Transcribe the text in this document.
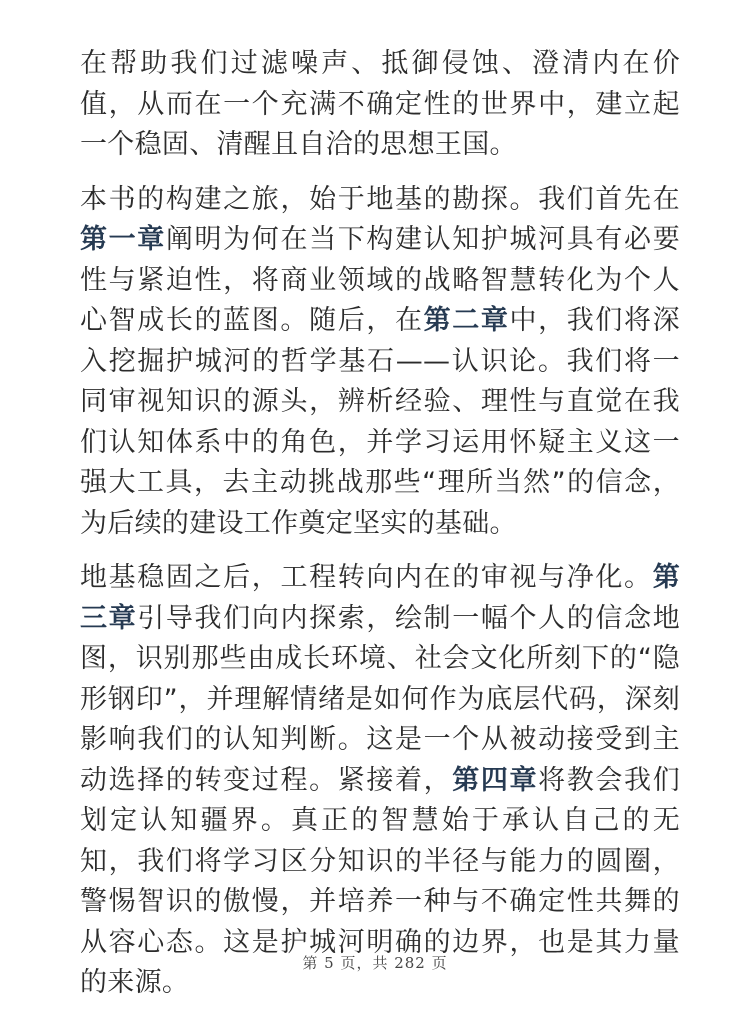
在帮助我们过滤噪声、抵御侵蚀、澄清内在价值，从而在一个充满不确定性的世界中，建立起一个稳固、清醒且自洽的思想王国。

本书的构建之旅，始于地基的勘探。我们首先在第一章阐明为何在当下构建认知护城河具有必要性与紧迫性，将商业领域的战略智慧转化为个人心智成长的蓝图。随后，在第二章中，我们将深入挖掘护城河的哲学基石——认识论。我们将一同审视知识的源头，辨析经验、理性与直觉在我们认知体系中的角色，并学习运用怀疑主义这一强大工具，去主动挑战那些“理所当然”的信念，为后续的建设工作奠定坚实的基础。

地基稳固之后，工程转向内在的审视与净化。第三章引导我们向内探索，绘制一幅个人的信念地图，识别那些由成长环境、社会文化所刻下的“隐形钢印”，并理解情绪是如何作为底层代码，深刻影响我们的认知判断。这是一个从被动接受到主动选择的转变过程。紧接着，第四章将教会我们划定认知疆界。真正的智慧始于承认自己的无知，我们将学习区分知识的半径与能力的圆圈，警惕智识的傲慢，并培养一种与不确定性共舞的从容心态。这是护城河明确的边界，也是其力量的来源。

第 5 页，共 282 页
